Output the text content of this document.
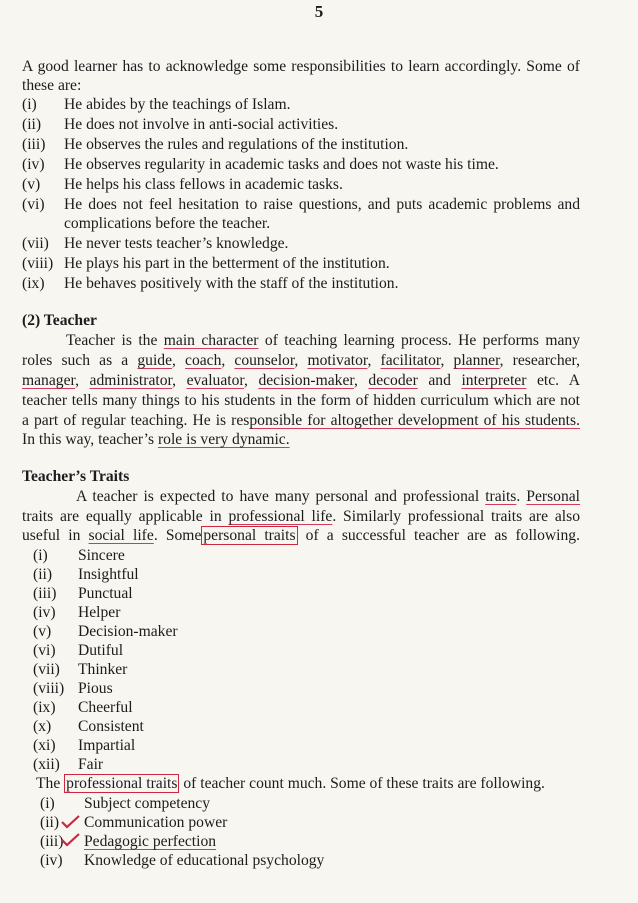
5
A good learner has to acknowledge some responsibilities to learn accordingly. Some of
these are:
(i) He abides by the teachings of Islam.
(ii) He does not involve in anti-social activities.
(iii) He observes the rules and regulations of the institution.
(iv) He observes regularity in academic tasks and does not waste his time.
(v) He helps his class fellows in academic tasks.
(vi) He does not feel hesitation to raise questions, and puts academic problems and
complications before the teacher.
(vii) He never tests teacher’s knowledge.
(viii) He plays his part in the betterment of the institution.
(ix) He behaves positively with the staff of the institution.
(2) Teacher
Teacher is the main character of teaching learning process. He performs many
roles such as a guide, coach, counselor, motivator, facilitator, planner, researcher,
manager, administrator, evaluator, decision-maker, decoder and interpreter etc. A
teacher tells many things to his students in the form of hidden curriculum which are not
a part of regular teaching. He is responsible for altogether development of his students.
In this way, teacher’s role is very dynamic.
Teacher’s Traits
A teacher is expected to have many personal and professional traits. Personal
traits are equally applicable in professional life. Similarly professional traits are also
useful in social life. Some personal traits of a successful teacher are as following.
(i) Sincere
(ii) Insightful
(iii) Punctual
(iv) Helper
(v) Decision-maker
(vi) Dutiful
(vii) Thinker
(viii) Pious
(ix) Cheerful
(x) Consistent
(xi) Impartial
(xii) Fair
The professional traits of teacher count much. Some of these traits are following.
(i) Subject competency
(ii) Communication power
(iii) Pedagogic perfection
(iv) Knowledge of educational psychology
